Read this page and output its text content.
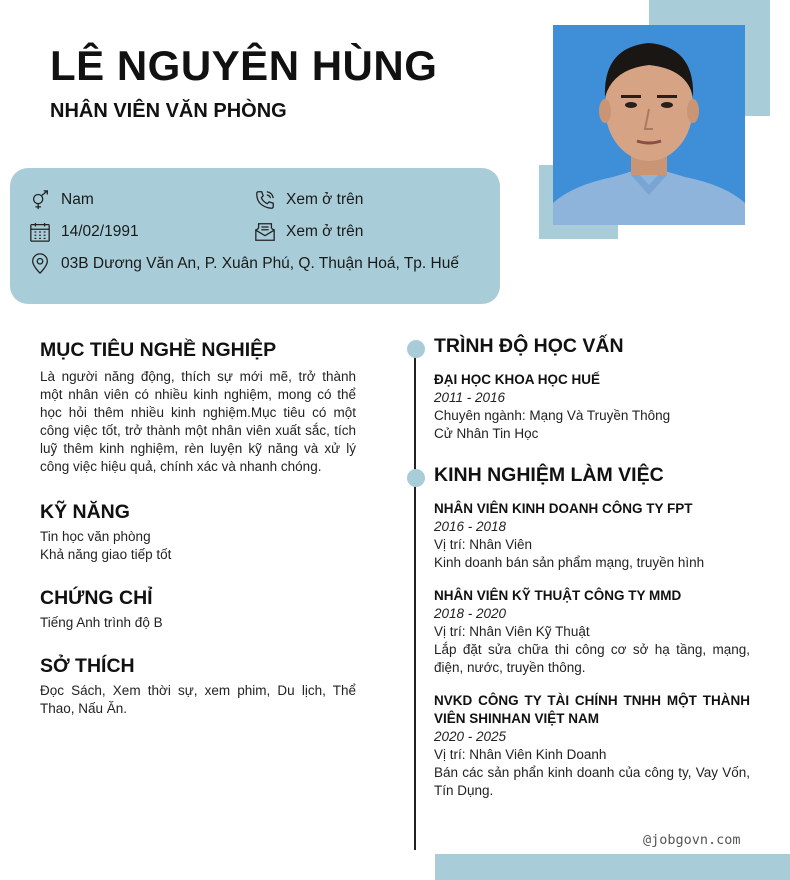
LÊ NGUYÊN HÙNG
NHÂN VIÊN VĂN PHÒNG
Nam
14/02/1991
03B Dương Văn An, P. Xuân Phú, Q. Thuận Hoá, Tp. Huế
Xem ở trên
Xem ở trên
MỤC TIÊU NGHỀ NGHIỆP
Là người năng động, thích sự mới mẽ, trở thành một nhân viên có nhiều kinh nghiệm, mong có thể học hỏi thêm nhiều kinh nghiệm.Mục tiêu có một công việc tốt, trở thành một nhân viên xuất sắc, tích luỹ thêm kinh nghiệm, rèn luyện kỹ năng và xử lý công việc hiệu quả, chính xác và nhanh chóng.
KỸ NĂNG
Tin học văn phòng
Khả năng giao tiếp tốt
CHỨNG CHỈ
Tiếng Anh trình độ B
SỞ THÍCH
Đọc Sách, Xem thời sự, xem phim, Du lịch, Thể Thao, Nấu Ăn.
TRÌNH ĐỘ HỌC VẤN
ĐẠI HỌC KHOA HỌC HUẾ
2011 - 2016
Chuyên ngành: Mạng Và Truyền Thông
Cử Nhân Tin Học
KINH NGHIỆM LÀM VIỆC
NHÂN VIÊN KINH DOANH CÔNG TY FPT
2016 - 2018
Vị trí: Nhân Viên
Kinh doanh bán sản phẩm mạng, truyền hình
NHÂN VIÊN KỸ THUẬT CÔNG TY MMD
2018 - 2020
Vị trí: Nhân Viên Kỹ Thuật
Lắp đặt sửa chữa thi công cơ sở hạ tầng, mạng, điện, nước, truyền thông.
NVKD CÔNG TY TÀI CHÍNH TNHH MỘT THÀNH VIÊN SHINHAN VIỆT NAM
2020 - 2025
Vị trí: Nhân Viên Kinh Doanh
Bán các sản phẩn kinh doanh của công ty, Vay Vốn, Tín Dụng.
@jobgovn.com
